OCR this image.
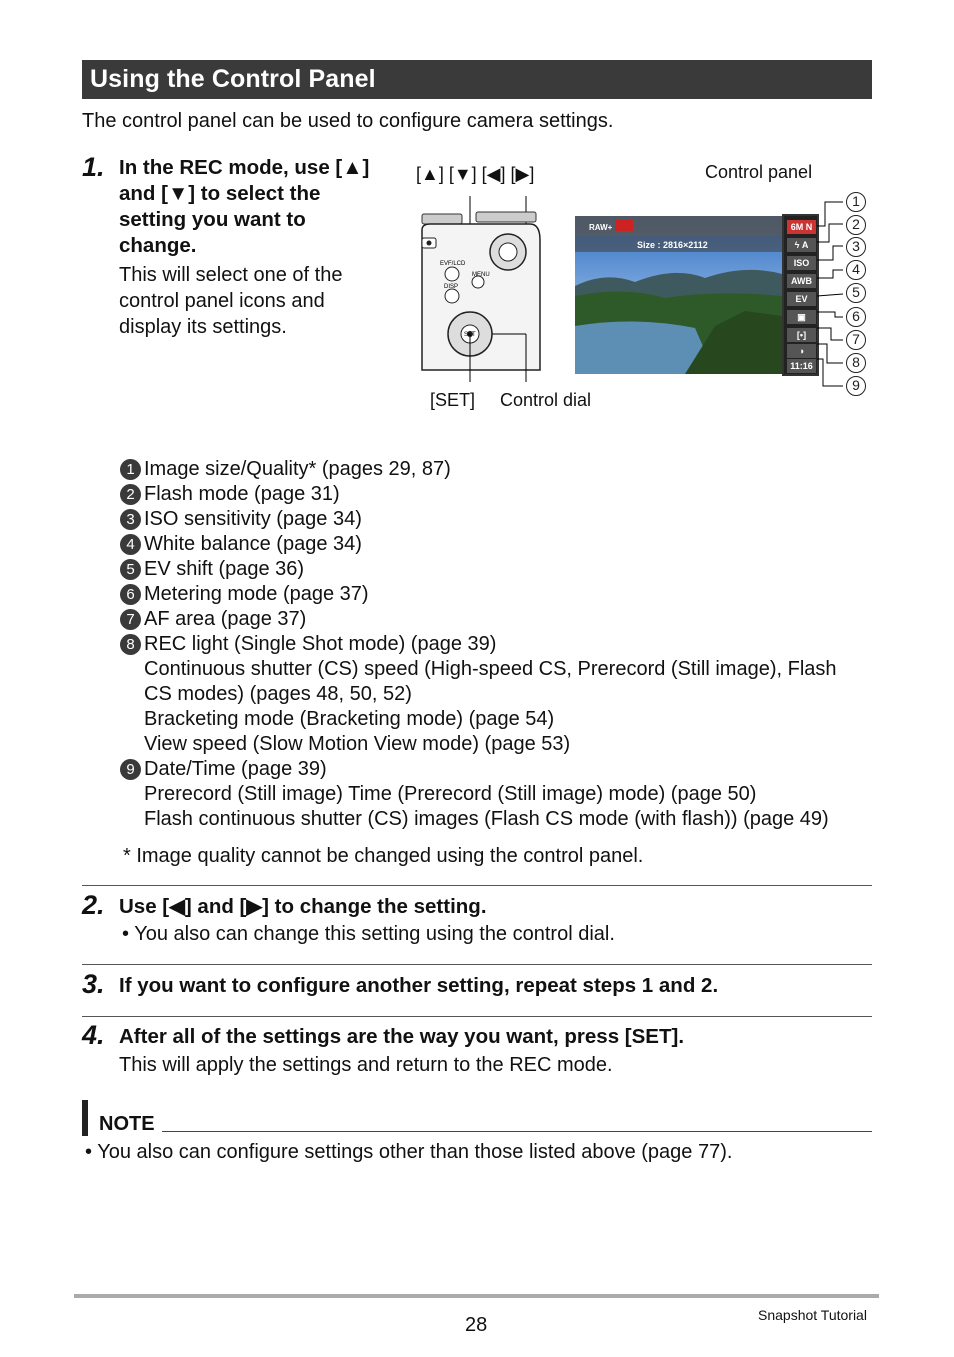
Using the Control Panel
The control panel can be used to configure camera settings.
1. In the REC mode, use [▲]
and [▼] to select the
setting you want to
change.
This will select one of the
control panel icons and
display its settings.
[▲] [▼] [◀] [▶]	Control panel
[SET] Control dial
EVF/LCD
DISP
MENU
SET
RAW+
Size : 2816×2112
6M N
ϟ A
ISO
AWB
EV
▣
[•]
◑
11:16
1
2
3
4
5
6
7
8
9
1 Image size/Quality* (pages 29, 87)
2 Flash mode (page 31)
3 ISO sensitivity (page 34)
4 White balance (page 34)
5 EV shift (page 36)
6 Metering mode (page 37)
7 AF area (page 37)
8 REC light (Single Shot mode) (page 39)
Continuous shutter (CS) speed (High-speed CS, Prerecord (Still image), Flash
CS modes) (pages 48, 50, 52)
Bracketing mode (Bracketing mode) (page 54)
View speed (Slow Motion View mode) (page 53)
9 Date/Time (page 39)
Prerecord (Still image) Time (Prerecord (Still image) mode) (page 50)
Flash continuous shutter (CS) images (Flash CS mode (with flash)) (page 49)
* Image quality cannot be changed using the control panel.
2. Use [◀] and [▶] to change the setting.
• You also can change this setting using the control dial.
3. If you want to configure another setting, repeat steps 1 and 2.
4. After all of the settings are the way you want, press [SET].
This will apply the settings and return to the REC mode.
NOTE
• You also can configure settings other than those listed above (page 77).
28	Snapshot Tutorial
